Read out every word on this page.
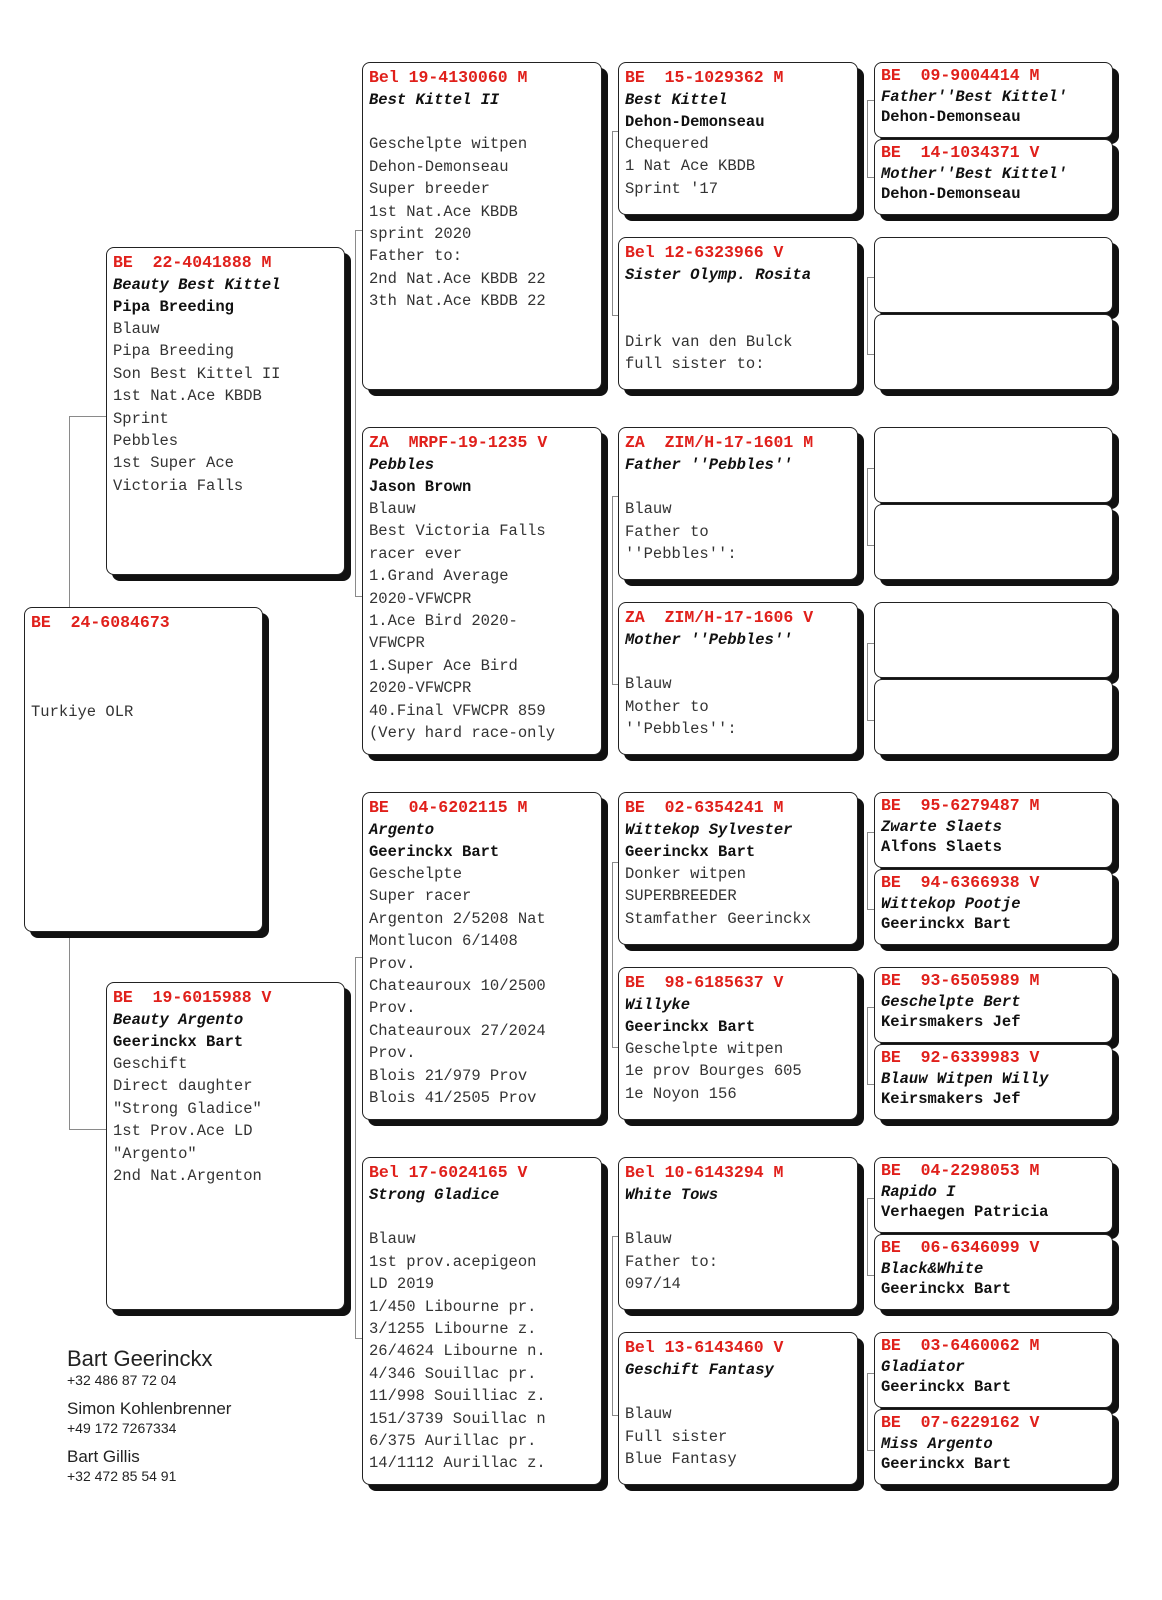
BE  24-6084673
Turkiye OLR
BE  22-4041888 M
Beauty Best Kittel
Pipa Breeding
Blauw
Pipa Breeding
Son Best Kittel II
1st Nat.Ace KBDB
Sprint
Pebbles
1st Super Ace
Victoria Falls
BE  19-6015988 V
Beauty Argento
Geerinckx Bart
Geschift
Direct daughter
"Strong Gladice"
1st Prov.Ace LD
"Argento"
2nd Nat.Argenton
Bel 19-4130060 M
Best Kittel II
Geschelpte witpen
Dehon-Demonseau
Super breeder
1st Nat.Ace KBDB
sprint 2020
Father to:
2nd Nat.Ace KBDB 22
3th Nat.Ace KBDB 22
ZA  MRPF-19-1235 V
Pebbles
Jason Brown
Blauw
Best Victoria Falls
racer ever
1.Grand Average
2020-VFWCPR
1.Ace Bird 2020-
VFWCPR
1.Super Ace Bird
2020-VFWCPR
40.Final VFWCPR 859
(Very hard race-only
BE  04-6202115 M
Argento
Geerinckx Bart
Geschelpte
Super racer
Argenton 2/5208 Nat
Montlucon 6/1408
Prov.
Chateauroux 10/2500
Prov.
Chateauroux 27/2024
Prov.
Blois 21/979 Prov
Blois 41/2505 Prov
Bel 17-6024165 V
Strong Gladice
Blauw
1st prov.acepigeon
LD 2019
1/450 Libourne pr.
3/1255 Libourne z.
26/4624 Libourne n.
4/346 Souillac pr.
11/998 Souilliac z.
151/3739 Souillac n
6/375 Aurillac pr.
14/1112 Aurillac z.
BE  15-1029362 M
Best Kittel
Dehon-Demonseau
Chequered
1 Nat Ace KBDB
Sprint '17
Bel 12-6323966 V
Sister Olymp. Rosita
Dirk van den Bulck
full sister to:
ZA  ZIM/H-17-1601 M
Father ''Pebbles''
Blauw
Father to
''Pebbles'':
ZA  ZIM/H-17-1606 V
Mother ''Pebbles''
Blauw
Mother to
''Pebbles'':
BE  02-6354241 M
Wittekop Sylvester
Geerinckx Bart
Donker witpen
SUPERBREEDER
Stamfather Geerinckx
BE  98-6185637 V
Willyke
Geerinckx Bart
Geschelpte witpen
1e prov Bourges 605
1e Noyon 156
Bel 10-6143294 M
White Tows
Blauw
Father to:
097/14
Bel 13-6143460 V
Geschift Fantasy
Blauw
Full sister
Blue Fantasy
BE  09-9004414 M
Father''Best Kittel'
Dehon-Demonseau
BE  14-1034371 V
Mother''Best Kittel'
Dehon-Demonseau
BE  95-6279487 M
Zwarte Slaets
Alfons Slaets
BE  94-6366938 V
Wittekop Pootje
Geerinckx Bart
BE  93-6505989 M
Geschelpte Bert
Keirsmakers Jef
BE  92-6339983 V
Blauw Witpen Willy
Keirsmakers Jef
BE  04-2298053 M
Rapido I
Verhaegen Patricia
BE  06-6346099 V
Black&White
Geerinckx Bart
BE  03-6460062 M
Gladiator
Geerinckx Bart
BE  07-6229162 V
Miss Argento
Geerinckx Bart
Bart Geerinckx
+32 486 87 72 04
Simon Kohlenbrenner
+49 172 7267334
Bart Gillis
+32 472 85 54 91
